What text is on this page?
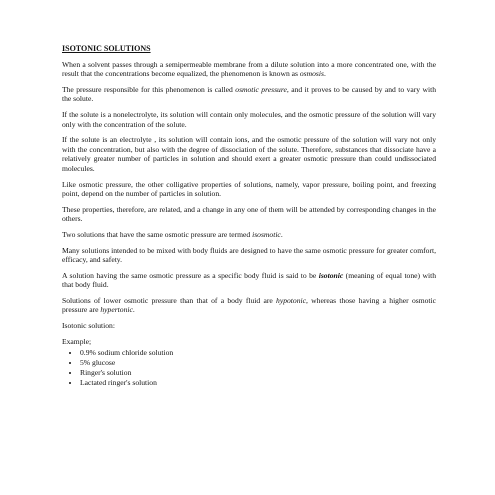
ISOTONIC SOLUTIONS

When a solvent passes through a semipermeable membrane from a dilute solution into a more concentrated one, with the result that the concentrations become equalized, the phenomenon is known as osmosis.

The pressure responsible for this phenomenon is called osmotic pressure, and it proves to be caused by and to vary with the solute.

If the solute is a nonelectrolyte, its solution will contain only molecules, and the osmotic pressure of the solution will vary only with the concentration of the solute.

If the solute is an electrolyte , its solution will contain ions, and the osmotic pressure of the solution will vary not only with the concentration, but also with the degree of dissociation of the solute. Therefore, substances that dissociate have a relatively greater number of particles in solution and should exert a greater osmotic pressure than could undissociated molecules.

Like osmotic pressure, the other colligative properties of solutions, namely, vapor pressure, boiling point, and freezing point, depend on the number of particles in solution.

These properties, therefore, are related, and a change in any one of them will be attended by corresponding changes in the others.

Two solutions that have the same osmotic pressure are termed isosmotic.

Many solutions intended to be mixed with body fluids are designed to have the same osmotic pressure for greater comfort, efficacy, and safety.

A solution having the same osmotic pressure as a specific body fluid is said to be isotonic (meaning of equal tone) with that body fluid.

Solutions of lower osmotic pressure than that of a body fluid are hypotonic, whereas those having a higher osmotic pressure are hypertonic.

Isotonic solution:

Example;

• 0.9% sodium chloride solution
• 5% glucose
• Ringer's solution
• Lactated ringer's solution
